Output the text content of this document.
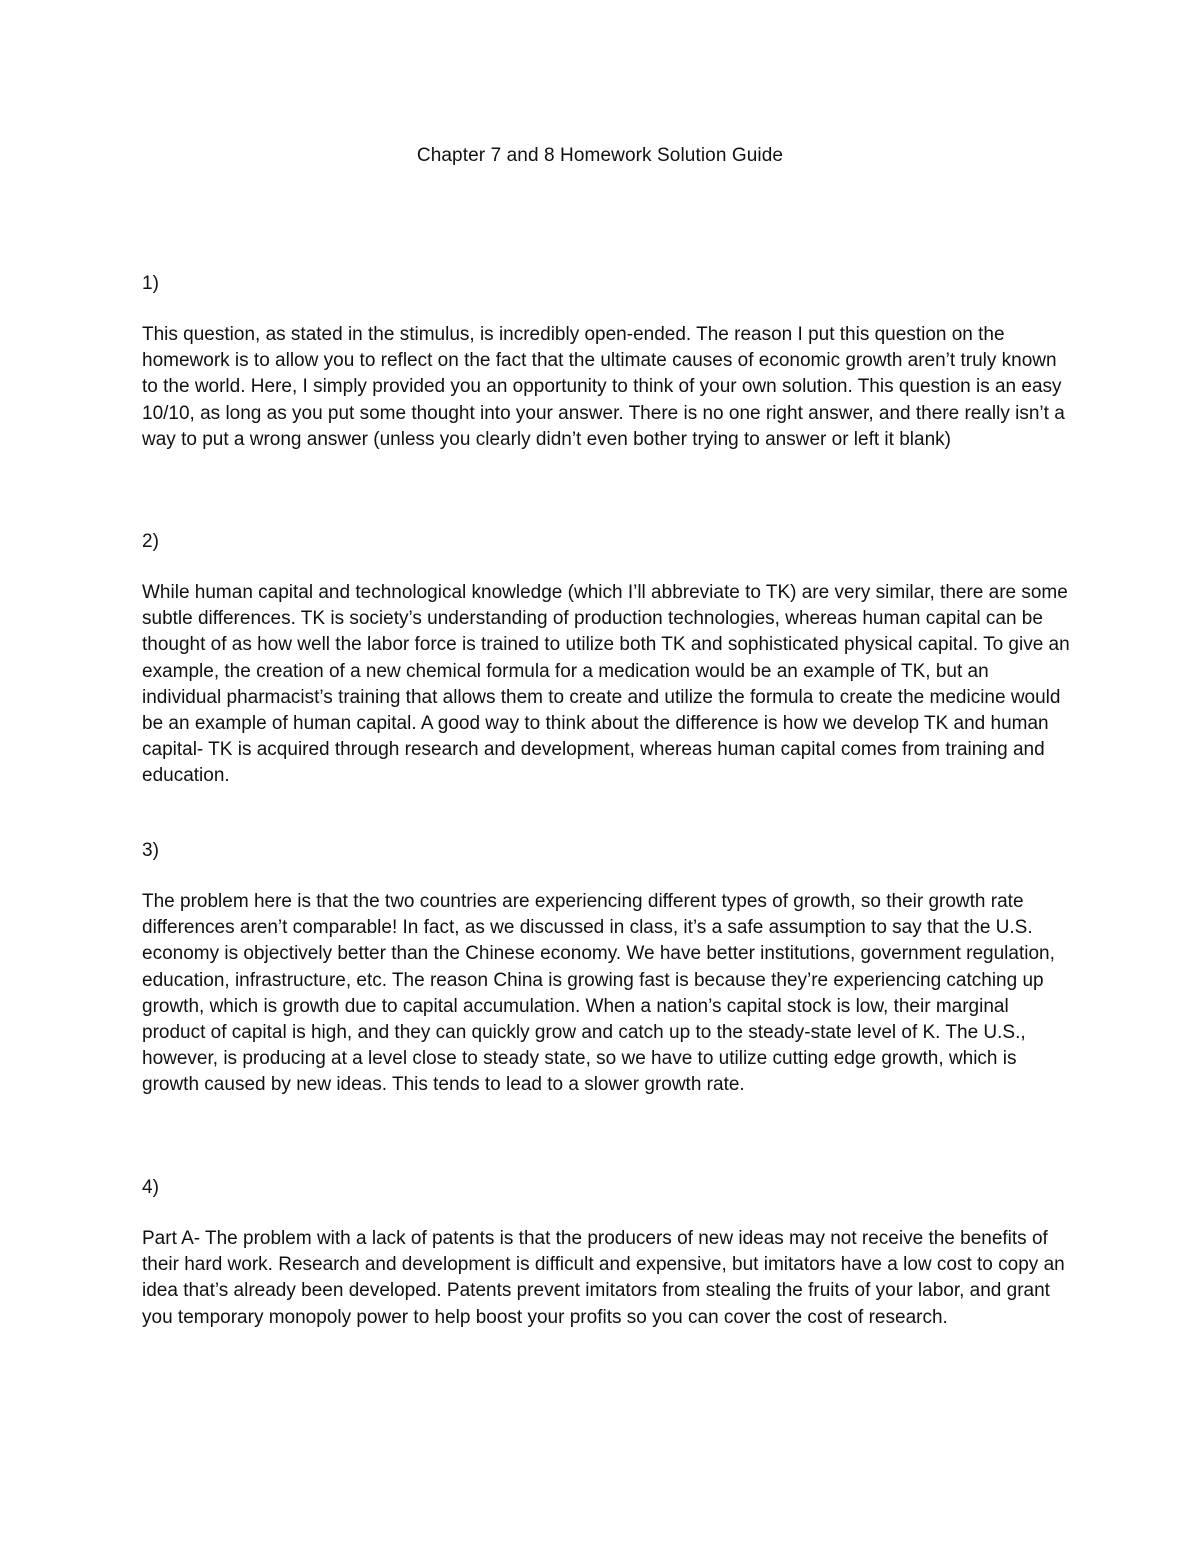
Chapter 7 and 8 Homework Solution Guide

1)

This question, as stated in the stimulus, is incredibly open-ended. The reason I put this question on the homework is to allow you to reflect on the fact that the ultimate causes of economic growth aren’t truly known to the world. Here, I simply provided you an opportunity to think of your own solution. This question is an easy 10/10, as long as you put some thought into your answer. There is no one right answer, and there really isn’t a way to put a wrong answer (unless you clearly didn’t even bother trying to answer or left it blank)

2)

While human capital and technological knowledge (which I’ll abbreviate to TK) are very similar, there are some subtle differences. TK is society’s understanding of production technologies, whereas human capital can be thought of as how well the labor force is trained to utilize both TK and sophisticated physical capital. To give an example, the creation of a new chemical formula for a medication would be an example of TK, but an individual pharmacist’s training that allows them to create and utilize the formula to create the medicine would be an example of human capital. A good way to think about the difference is how we develop TK and human capital- TK is acquired through research and development, whereas human capital comes from training and education.

3)

The problem here is that the two countries are experiencing different types of growth, so their growth rate differences aren’t comparable! In fact, as we discussed in class, it’s a safe assumption to say that the U.S. economy is objectively better than the Chinese economy. We have better institutions, government regulation, education, infrastructure, etc. The reason China is growing fast is because they’re experiencing catching up growth, which is growth due to capital accumulation. When a nation’s capital stock is low, their marginal product of capital is high, and they can quickly grow and catch up to the steady-state level of K. The U.S., however, is producing at a level close to steady state, so we have to utilize cutting edge growth, which is growth caused by new ideas. This tends to lead to a slower growth rate.

4)

Part A- The problem with a lack of patents is that the producers of new ideas may not receive the benefits of their hard work. Research and development is difficult and expensive, but imitators have a low cost to copy an idea that’s already been developed. Patents prevent imitators from stealing the fruits of your labor, and grant you temporary monopoly power to help boost your profits so you can cover the cost of research.
